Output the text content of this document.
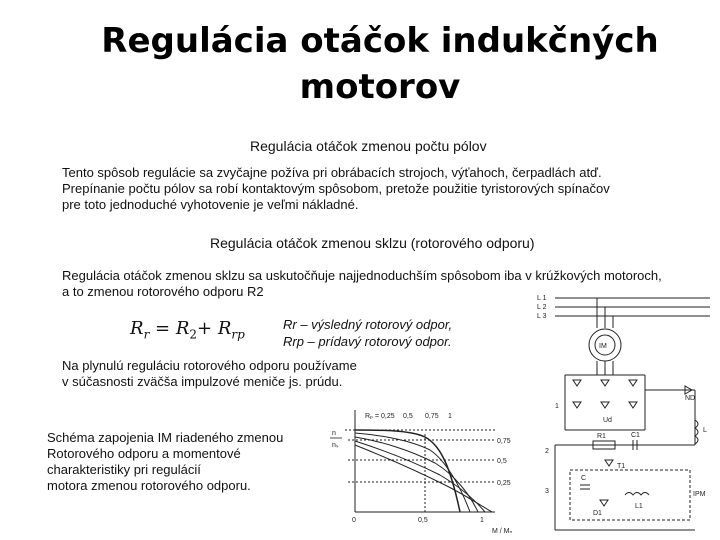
Regulácia otáčok indukčných
motorov
Regulácia otáčok zmenou počtu pólov
Tento spôsob regulácie sa zvyčajne požíva pri obrábacích strojoch, výťahoch, čerpadlách atď.
Prepínanie počtu pólov sa robí kontaktovým spôsobom, pretože použitie tyristorových spínačov
pre toto jednoduché vyhotovenie je veľmi nákladné.
Regulácia otáčok zmenou sklzu (rotorového odporu)
Regulácia otáčok zmenou sklzu sa uskutočňuje najjednoduchším spôsobom iba v krúžkových motoroch,
a to zmenou rotorového odporu R2
$R_r = R_2+ R_{rp}$
Rr – výsledný rotorový odpor,
Rrp – prídavý rotorový odpor.
Na plynulú reguláciu rotorového odporu používame
v súčasnosti zväčša impulzové meniče js. prúdu.
Schéma zapojenia IM riadeného zmenou
Rotorového odporu a momentové
charakteristiky pri regulácií
motora zmenou rotorového odporu.
n
nₛ
Rₚ = 0,25 0,5 0,75 1
0,75
0,5
0,25
0	0,5	1
M / Mₙ
L 1
L 2
L 3
IM
1
2
3
ND
L
Ud
R1	C1
T1
C
L1
D1
IPM
